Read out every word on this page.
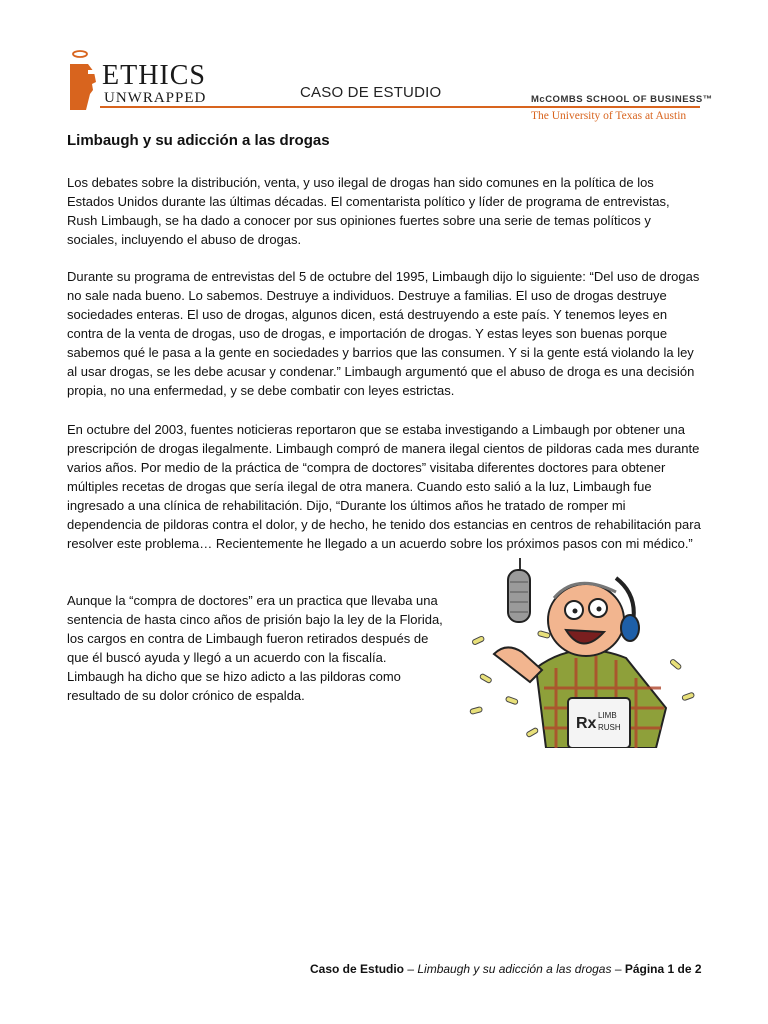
ETHICS
UNWRAPPED	CASO DE ESTUDIO	McCOMBS SCHOOL OF BUSINESS™
The University of Texas at Austin
Limbaugh y su adicción a las drogas

Los debates sobre la distribución, venta, y uso ilegal de drogas han sido comunes en la política de los Estados Unidos durante las últimas décadas. El comentarista político y líder de programa de entrevistas, Rush Limbaugh, se ha dado a conocer por sus opiniones fuertes sobre una serie de temas políticos y sociales, incluyendo el abuso de drogas.

Durante su programa de entrevistas del 5 de octubre del 1995, Limbaugh dijo lo siguiente: “Del uso de drogas no sale nada bueno. Lo sabemos. Destruye a individuos. Destruye a familias. El uso de drogas destruye sociedades enteras. El uso de drogas, algunos dicen, está destruyendo a este país. Y tenemos leyes en contra de la venta de drogas, uso de drogas, e importación de drogas. Y estas leyes son buenas porque sabemos qué le pasa a la gente en sociedades y barrios que las consumen. Y si la gente está violando la ley al usar drogas, se les debe acusar y condenar.” Limbaugh argumentó que el abuso de droga es una decisión propia, no una enfermedad, y se debe combatir con leyes estrictas.

En octubre del 2003, fuentes noticieras reportaron que se estaba investigando a Limbaugh por obtener una prescripción de drogas ilegalmente. Limbaugh compró de manera ilegal cientos de pildoras cada mes durante varios años. Por medio de la práctica de “compra de doctores” visitaba diferentes doctores para obtener múltiples recetas de drogas que sería ilegal de otra manera. Cuando esto salió a la luz, Limbaugh fue ingresado a una clínica de rehabilitación. Dijo, “Durante los últimos años he tratado de romper mi dependencia de pildoras contra el dolor, y de hecho, he tenido dos estancias en centros de rehabilitación para resolver este problema… Recientemente he llegado a un acuerdo sobre los próximos pasos con mi médico.”

Aunque la “compra de doctores” era un practica que llevaba una sentencia de hasta cinco años de prisión bajo la ley de la Florida, los cargos en contra de Limbaugh fueron retirados después de que él buscó ayuda y llegó a un acuerdo con la fiscalía. Limbaugh ha dicho que se hizo adicto a las pildoras como resultado de su dolor crónico de espalda.

Rx LIMB
RUSH
Caso de Estudio – Limbaugh y su adicción a las drogas – Página 1 de 2
